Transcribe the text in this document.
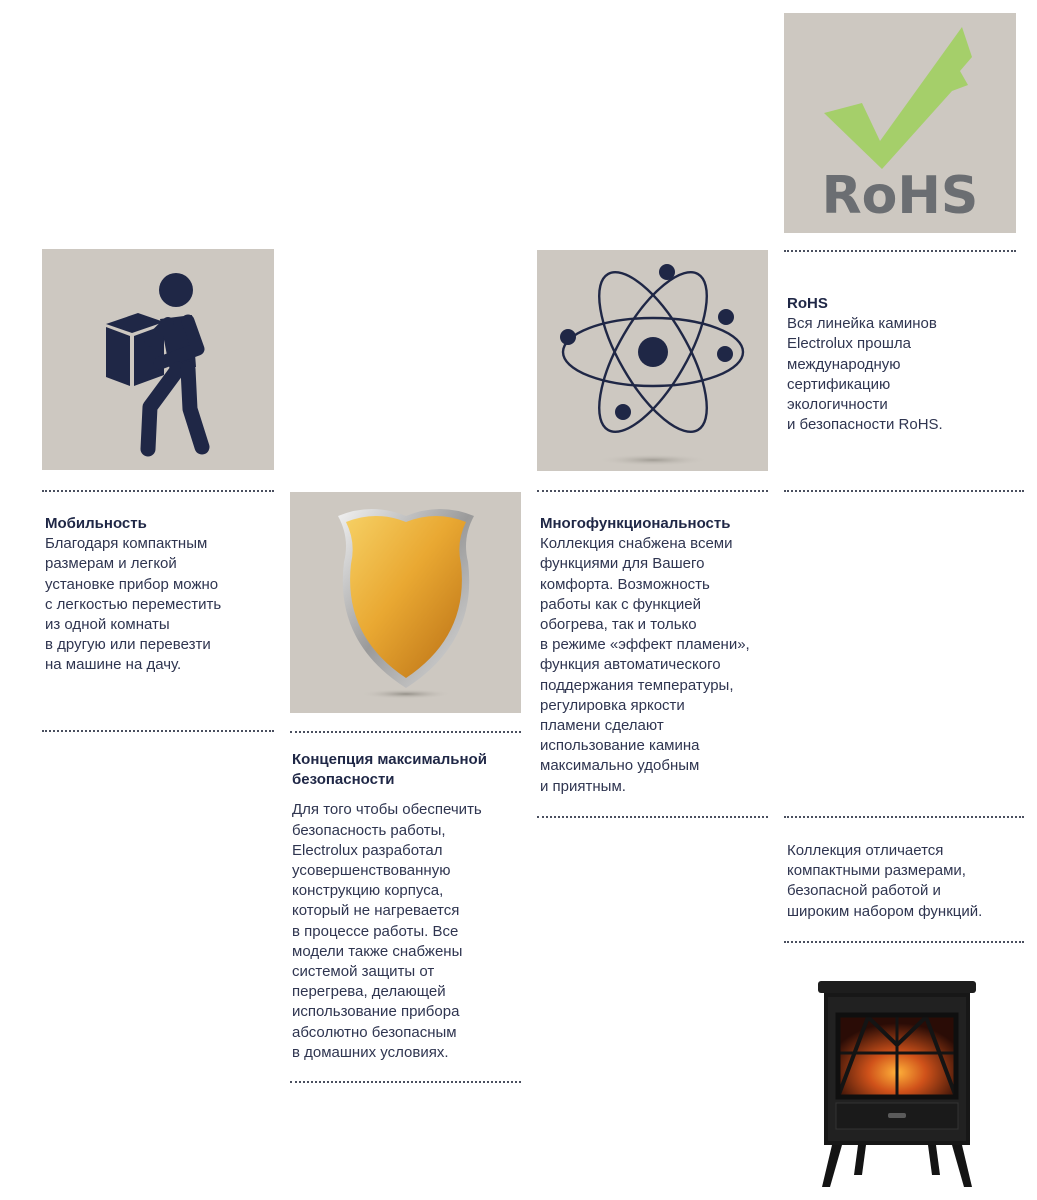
RoHS

Мобильность

Благодаря компактным
размерам и легкой
установке прибор можно
с легкостью переместить
из одной комнаты
в другую или перевезти
на машине на дачу.

Многофункциональность

Коллекция снабжена всеми
функциями для Вашего
комфорта. Возможность
работы как с функцией
обогрева, так и только
в режиме «эффект пламени»,
функция автоматического
поддержания температуры,
регулировка яркости
пламени сделают
использование камина
максимально удобным
и приятным.

RoHS

Вся линейка каминов
Electrolux прошла
международную
сертификацию
экологичности
и безопасности RoHS.

Коллекция отличается
компактными размерами,
безопасной работой и
широким набором функций.

Концепция максимальной
безопасности

Для того чтобы обеспечить
безопасность работы,
Electrolux разработал
усовершенствованную
конструкцию корпуса,
который не нагревается
в процессе работы. Все
модели также снабжены
системой защиты от
перегрева, делающей
использование прибора
абсолютно безопасным
в домашних условиях.
